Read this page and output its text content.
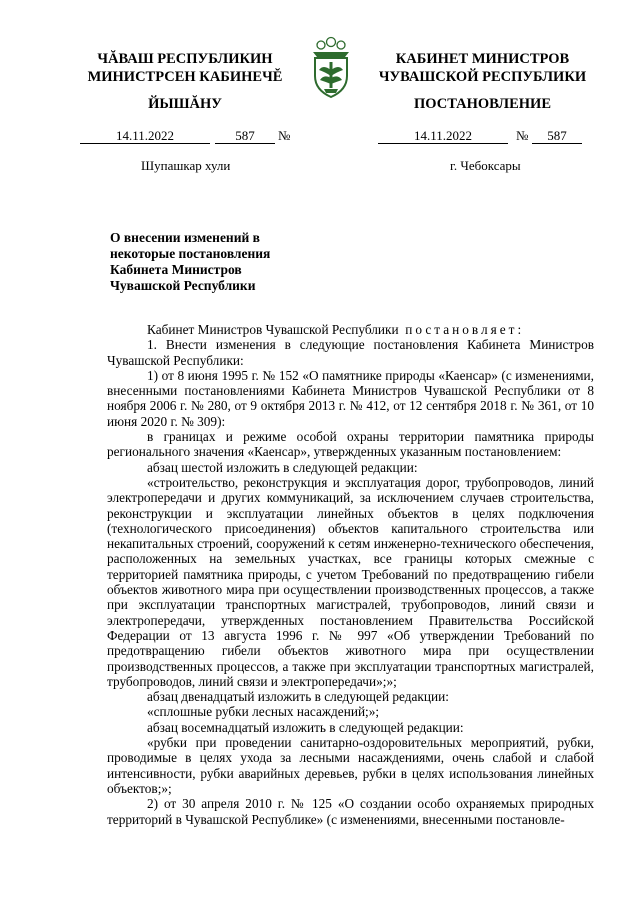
ЧĂВАШ РЕСПУБЛИКИН
МИНИСТРСЕН КАБИНЕЧĔ
КАБИНЕТ МИНИСТРОВ
ЧУВАШСКОЙ РЕСПУБЛИКИ
ЙЫШĂНУ	ПОСТАНОВЛЕНИЕ
14.11.2022	587	№	14.11.2022	№	587
Шупашкар хули	г. Чебоксары
О внесении изменений в некоторые постановления Кабинета Министров Чувашской Республики

Кабинет Министров Чувашской Республики постановляет:

1. Внести изменения в следующие постановления Кабинета Министров Чувашской Республики:

1) от 8 июня 1995 г. № 152 «О памятнике природы «Каенсар» (с изменениями, внесенными постановлениями Кабинета Министров Чувашской Республики от 8 ноября 2006 г. № 280, от 9 октября 2013 г. № 412, от 12 сентября 2018 г. № 361, от 10 июня 2020 г. № 309):

в границах и режиме особой охраны территории памятника природы регионального значения «Каенсар», утвержденных указанным постановлением:

абзац шестой изложить в следующей редакции:

«строительство, реконструкция и эксплуатация дорог, трубопроводов, линий электропередачи и других коммуникаций, за исключением случаев строительства, реконструкции и эксплуатации линейных объектов в целях подключения (технологического присоединения) объектов капитального строительства или некапитальных строений, сооружений к сетям инженерно-технического обеспечения, расположенных на земельных участках, все границы которых смежные с территорией памятника природы, с учетом Требований по предотвращению гибели объектов животного мира при осуществлении производственных процессов, а также при эксплуатации транспортных магистралей, трубопроводов, линий связи и электропередачи, утвержденных постановлением Правительства Российской Федерации от 13 августа 1996 г. № 997 «Об утверждении Требований по предотвращению гибели объектов животного мира при осуществлении производственных процессов, а также при эксплуатации транспортных магистралей, трубопроводов, линий связи и электропередачи»;»;

абзац двенадцатый изложить в следующей редакции:

«сплошные рубки лесных насаждений;»;

абзац восемнадцатый изложить в следующей редакции:

«рубки при проведении санитарно-оздоровительных мероприятий, рубки, проводимые в целях ухода за лесными насаждениями, очень слабой и слабой интенсивности, рубки аварийных деревьев, рубки в целях использования линейных объектов;»;

2) от 30 апреля 2010 г. № 125 «О создании особо охраняемых природных территорий в Чувашской Республике» (с изменениями, внесенными постановле-
